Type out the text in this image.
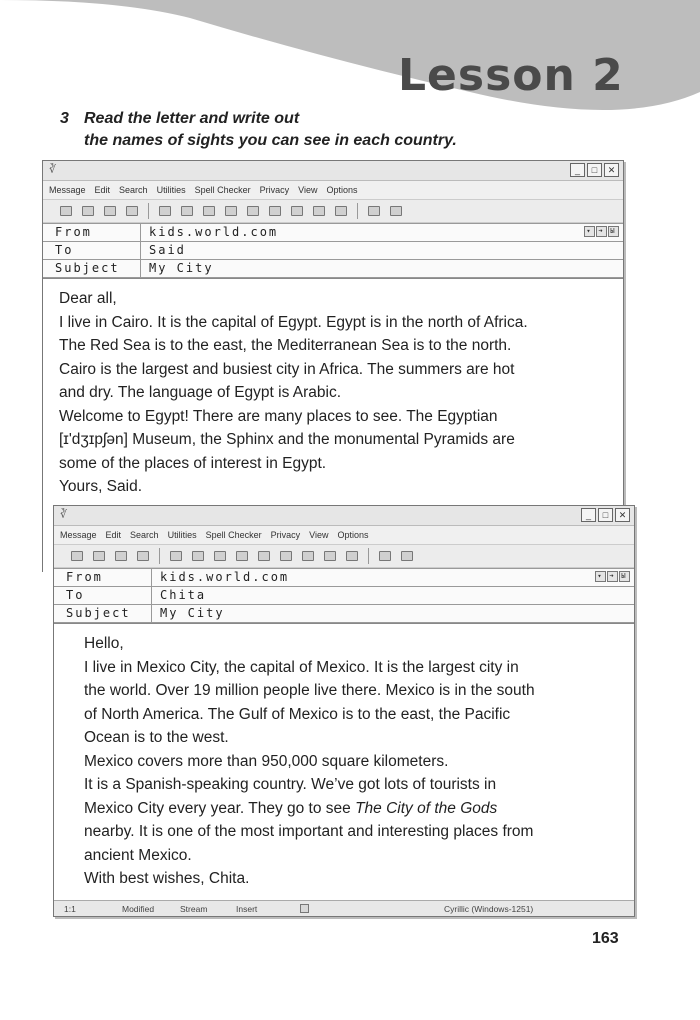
Lesson 2
3 Read the letter and write out
the names of sights you can see in each country.
∛	_	□	✕
Message Edit Search Utilities Spell Checker Privacy View Options
From	kids.world.com	▾ ➜ Ы
To	Said
Subject	My City

Dear all,

I live in Cairo. It is the capital of Egypt. Egypt is in the north of Africa.

The Red Sea is to the east, the Mediterranean Sea is to the north.

Cairo is the largest and busiest city in Africa. The summers are hot

and dry. The language of Egypt is Arabic.

Welcome to Egypt! There are many places to see. The Egyptian

[ɪ'dʒɪpʃən] Museum, the Sphinx and the monumental Pyramids are

some of the places of interest in Egypt.

Yours, Said.

∛	_	□	✕
Message Edit Search Utilities Spell Checker Privacy View Options
From	kids.world.com	▾ ➜ Ы
To	Chita
Subject	My City

Hello,

I live in Mexico City, the capital of Mexico. It is the largest city in

the world. Over 19 million people live there. Mexico is in the south

of North America. The Gulf of Mexico is to the east, the Pacific

Ocean is to the west.

Mexico covers more than 950,000 square kilometers.

It is a Spanish-speaking country. We’ve got lots of tourists in

Mexico City every year. They go to see The City of the Gods

nearby. It is one of the most important and interesting places from

ancient Mexico.

With best wishes, Chita.

1:1	Modified	Stream	Insert	Cyrillic (Windows-1251)
163
